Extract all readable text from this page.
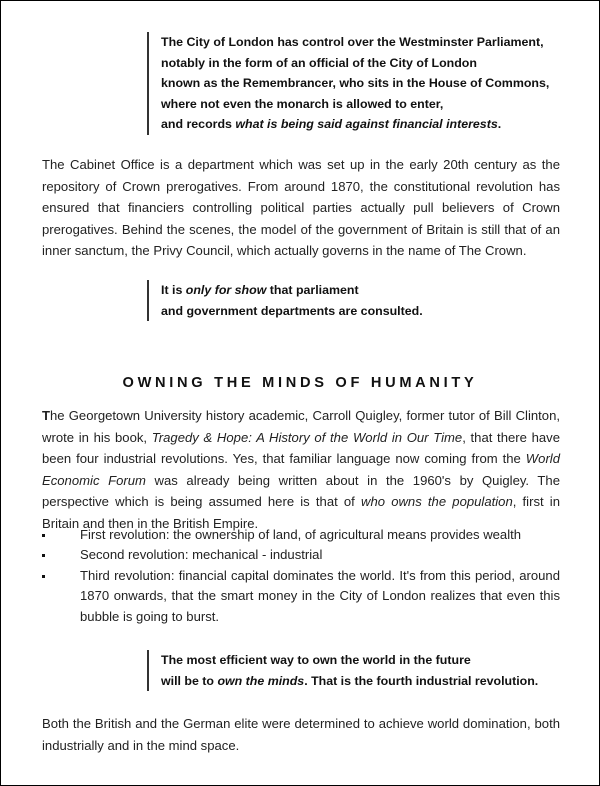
The City of London has control over the Westminster Parliament,
notably in the form of an official of the City of London
known as the Remembrancer, who sits in the House of Commons,
where not even the monarch is allowed to enter,
and records what is being said against financial interests.
The Cabinet Office is a department which was set up in the early 20th century as the repository of Crown prerogatives. From around 1870, the constitutional revolution has ensured that financiers controlling political parties actually pull believers of Crown prerogatives. Behind the scenes, the model of the government of Britain is still that of an inner sanctum, the Privy Council, which actually governs in the name of The Crown.
It is only for show that parliament
and government departments are consulted.
OWNING THE MINDS OF HUMANITY
The Georgetown University history academic, Carroll Quigley, former tutor of Bill Clinton, wrote in his book, Tragedy & Hope: A History of the World in Our Time, that there have been four industrial revolutions. Yes, that familiar language now coming from the World Economic Forum was already being written about in the 1960's by Quigley. The perspective which is being assumed here is that of who owns the population, first in Britain and then in the British Empire.
First revolution: the ownership of land, of agricultural means provides wealth
Second revolution: mechanical - industrial
Third revolution: financial capital dominates the world. It's from this period, around 1870 onwards, that the smart money in the City of London realizes that even this bubble is going to burst.
The most efficient way to own the world in the future
will be to own the minds. That is the fourth industrial revolution.
Both the British and the German elite were determined to achieve world domination, both industrially and in the mind space.
